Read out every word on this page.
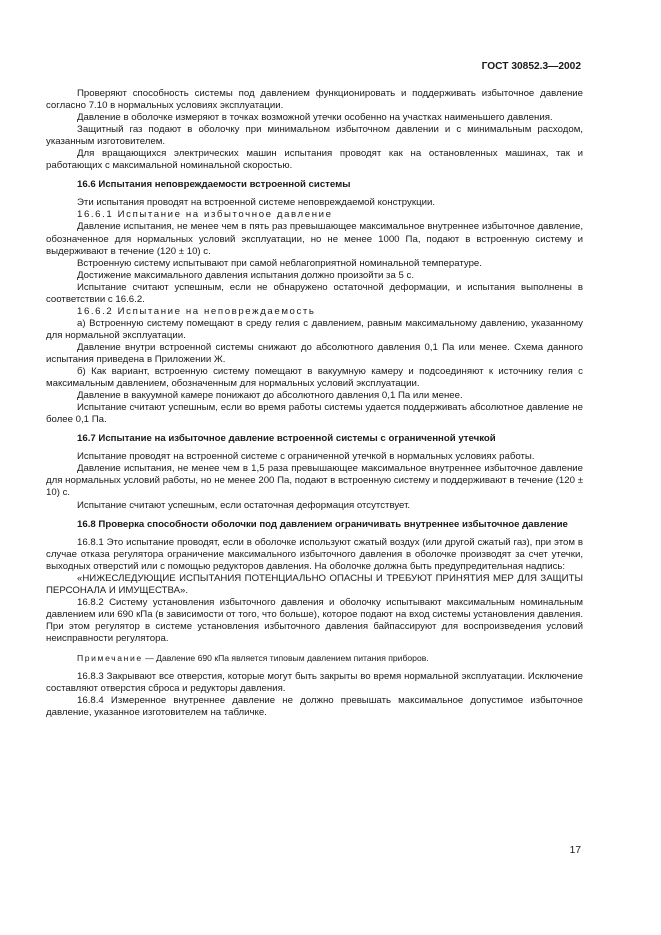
ГОСТ 30852.3—2002

Проверяют способность системы под давлением функционировать и поддерживать избыточное давление согласно 7.10 в нормальных условиях эксплуатации.

Давление в оболочке измеряют в точках возможной утечки особенно на участках наименьшего давления.

Защитный газ подают в оболочку при минимальном избыточном давлении и с минимальным расходом, указанным изготовителем.

Для вращающихся электрических машин испытания проводят как на остановленных машинах, так и работающих с максимальной номинальной скоростью.

16.6 Испытания неповреждаемости встроенной системы

Эти испытания проводят на встроенной системе неповреждаемой конструкции.

16.6.1 Испытание на избыточное давление

Давление испытания, не менее чем в пять раз превышающее максимальное внутреннее избыточное давление, обозначенное для нормальных условий эксплуатации, но не менее 1000 Па, подают в встроенную систему и выдерживают в течение (120 ± 10) с.

Встроенную систему испытывают при самой неблагоприятной номинальной температуре.

Достижение максимального давления испытания должно произойти за 5 с.

Испытание считают успешным, если не обнаружено остаточной деформации, и испытания выполнены в соответствии с 16.6.2.

16.6.2 Испытание на неповреждаемость

а) Встроенную систему помещают в среду гелия с давлением, равным максимальному давлению, указанному для нормальной эксплуатации.

Давление внутри встроенной системы снижают до абсолютного давления 0,1 Па или менее. Схема данного испытания приведена в Приложении Ж.

б) Как вариант, встроенную систему помещают в вакуумную камеру и подсоединяют к источнику гелия с максимальным давлением, обозначенным для нормальных условий эксплуатации.

Давление в вакуумной камере понижают до абсолютного давления 0,1 Па или менее.

Испытание считают успешным, если во время работы системы удается поддерживать абсолютное давление не более 0,1 Па.

16.7 Испытание на избыточное давление встроенной системы с ограниченной утечкой

Испытание проводят на встроенной системе с ограниченной утечкой в нормальных условиях работы.

Давление испытания, не менее чем в 1,5 раза превышающее максимальное внутреннее избыточное давление для нормальных условий работы, но не менее 200 Па, подают в встроенную систему и поддерживают в течение (120 ± 10) с.

Испытание считают успешным, если остаточная деформация отсутствует.

16.8 Проверка способности оболочки под давлением ограничивать внутреннее избыточное давление

16.8.1 Это испытание проводят, если в оболочке используют сжатый воздух (или другой сжатый газ), при этом в случае отказа регулятора ограничение максимального избыточного давления в оболочке производят за счет утечки, выходных отверстий или с помощью редукторов давления. На оболочке должна быть предупредительная надпись:

«НИЖЕСЛЕДУЮЩИЕ ИСПЫТАНИЯ ПОТЕНЦИАЛЬНО ОПАСНЫ И ТРЕБУЮТ ПРИНЯТИЯ МЕР ДЛЯ ЗАЩИТЫ ПЕРСОНАЛА И ИМУЩЕСТВА».

16.8.2 Систему установления избыточного давления и оболочку испытывают максимальным номинальным давлением или 690 кПа (в зависимости от того, что больше), которое подают на вход системы установления давления. При этом регулятор в системе установления избыточного давления байпассируют для воспроизведения условий неисправности регулятора.

Примечание — Давление 690 кПа является типовым давлением питания приборов.

16.8.3 Закрывают все отверстия, которые могут быть закрыты во время нормальной эксплуатации. Исключение составляют отверстия сброса и редукторы давления.

16.8.4 Измеренное внутреннее давление не должно превышать максимальное допустимое избыточное давление, указанное изготовителем на табличке.

17
